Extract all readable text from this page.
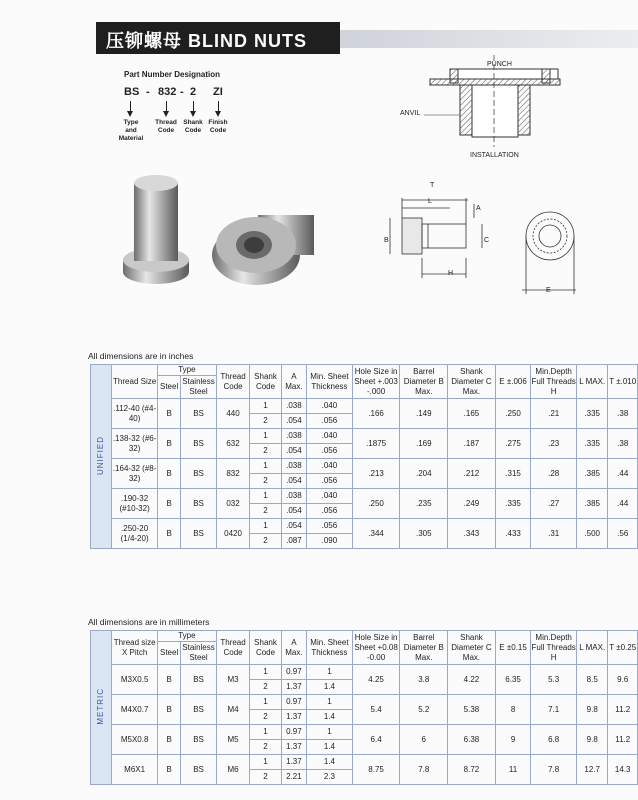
压铆螺母 BLIND NUTS
Part Number Designation
BS - 832 - 2 ZI
Type and Material
Thread Code
Shank Code
Finish Code
PUNCH
ANVIL
INSTALLATION
T
L
A
B	C
H
E
All dimensions are in inches
UNIFIED	Thread Size	Type		Thread Code	Shank Code	A Max.	Min. Sheet Thickness	Hole Size in Sheet +.003 -.000	Barrel Diameter B Max.	Shank Diameter C Max.	E ±.006	Min.Depth Full Threads H	L MAX.	T ±.010
		Steel	Stainless Steel											
	.112-40 (#4-40)	B	BS	440	1	.038	.040	.166	.149	.165	.250	.21	.335	.38
					2	.054	.056							
	.138-32 (#6-32)	B	BS	632	1	.038	.040	.1875	.169	.187	.275	.23	.335	.38
					2	.054	.056							
	.164-32 (#8-32)	B	BS	832	1	.038	.040	.213	.204	.212	.315	.28	.385	.44
					2	.054	.056							
	.190-32 (#10-32)	B	BS	032	1	.038	.040	.250	.235	.249	.335	.27	.385	.44
					2	.054	.056							
	.250-20 (1/4-20)	B	BS	0420	1	.054	.056	.344	.305	.343	.433	.31	.500	.56
					2	.087	.090							
All dimensions are in millimeters
METRIC	Thread size X Pitch	Type		Thread Code	Shank Code	A Max.	Min. Sheet Thickness	Hole Size in Sheet +0.08 -0.00	Barrel Diameter B Max.	Shank Diameter C Max.	E ±0.15	Min.Depth Full Threads H	L MAX.	T ±0.25
		Steel	Stainless Steel											
	M3X0.5	B	BS	M3	1	0.97	1	4.25	3.8	4.22	6.35	5.3	8.5	9.6
					2	1.37	1.4							
	M4X0.7	B	BS	M4	1	0.97	1	5.4	5.2	5.38	8	7.1	9.8	11.2
					2	1.37	1.4							
	M5X0.8	B	BS	M5	1	0.97	1	6.4	6	6.38	9	6.8	9.8	11.2
					2	1.37	1.4							
	M6X1	B	BS	M6	1	1.37	1.4	8.75	7.8	8.72	11	7.8	12.7	14.3
					2	2.21	2.3							
